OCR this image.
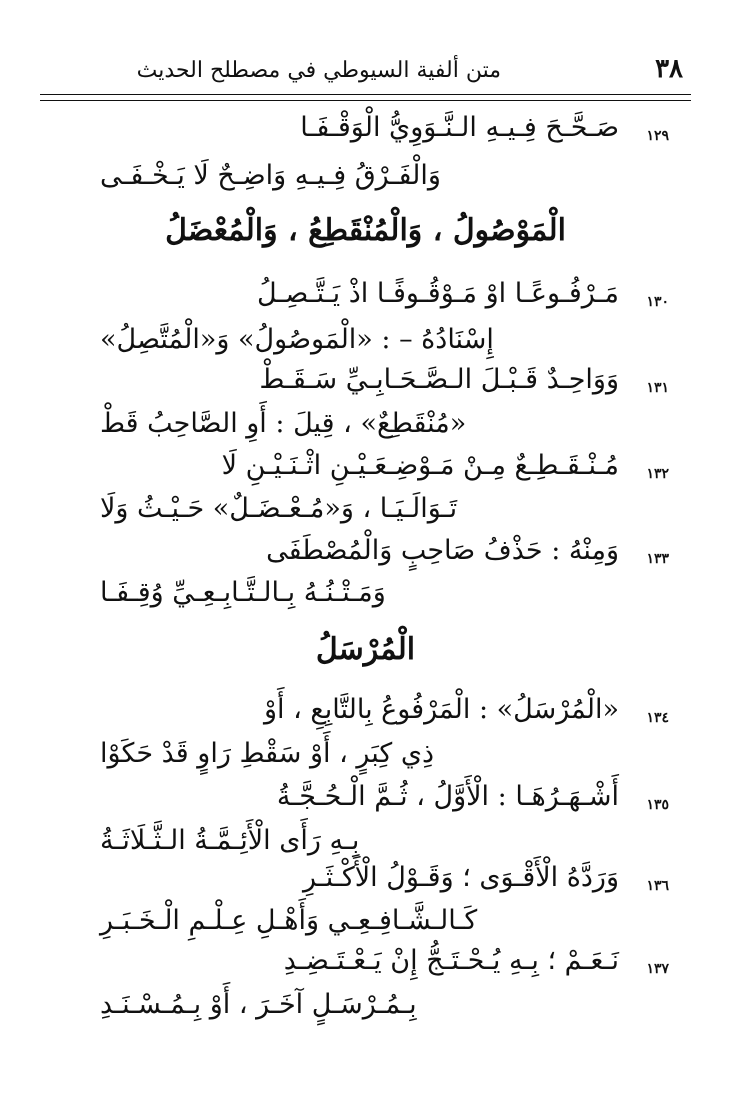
٣٨
متن ألفية السيوطي في مصطلح الحديث
١٢٩
صَـحَّـحَ فِـيـهِ الـنَّـوَوِيُّ الْوَقْـفَـا
وَالْفَـرْقُ فِـيـهِ وَاضِـحٌ لَا يَـخْـفَـى
الْمَوْصُولُ ، وَالْمُنْقَطِعُ ، وَالْمُعْضَلُ
١٣٠
مَـرْفُـوعًـا اوْ مَـوْقُـوفًـا اذْ يَـتَّـصِـلُ
إِسْنَادُهُ – : «الْمَوصُولُ» وَ«الْمُتَّصِلُ»
١٣١
وَوَاحِـدٌ قَـبْـلَ الـصَّـحَـابِـيِّ سَـقَـطْ
«مُنْقَطِعٌ» ، قِيلَ : أَوِ الصَّاحِبُ قَطْ
١٣٢
مُـنْـقَـطِـعٌ مِـنْ مَـوْضِـعَـيْـنِ اثْـنَـيْـنِ لَا
تَـوَالَـيَـا ، وَ«مُـعْـضَـلٌ» حَـيْـثُ وَلَا
١٣٣
وَمِنْهُ : حَذْفُ صَاحِبٍ وَالْمُصْطَفَى
وَمَـتْـنُـهُ بِـالـتَّـابِـعِـيِّ وُقِـفَـا
الْمُرْسَلُ
١٣٤
«الْمُرْسَلُ» : الْمَرْفُوعُ بِالتَّابِعِ ، أَوْ
ذِي كِبَرٍ ، أَوْ سَقْطِ رَاوٍ قَدْ حَكَوْا
١٣٥
أَشْـهَـرُهَـا : الْأَوَّلُ ، ثُـمَّ الْـحُـجَّـةُ
بِـهِ رَأَى الْأَئِـمَّـةُ الـثَّـلَاثَـةُ
١٣٦
وَرَدَّهُ الْأَقْـوَى ؛ وَقَـوْلُ الْأَكْـثَـرِ
كَـالـشَّـافِـعِـي وَأَهْـلِ عِـلْـمِ الْـخَـبَـرِ
١٣٧
نَـعَـمْ ؛ بِـهِ يُـحْـتَـجُّ إِنْ يَـعْـتَـضِـدِ
بِـمُـرْسَـلٍ آخَـرَ ، أَوْ بِـمُـسْـنَـدِ
